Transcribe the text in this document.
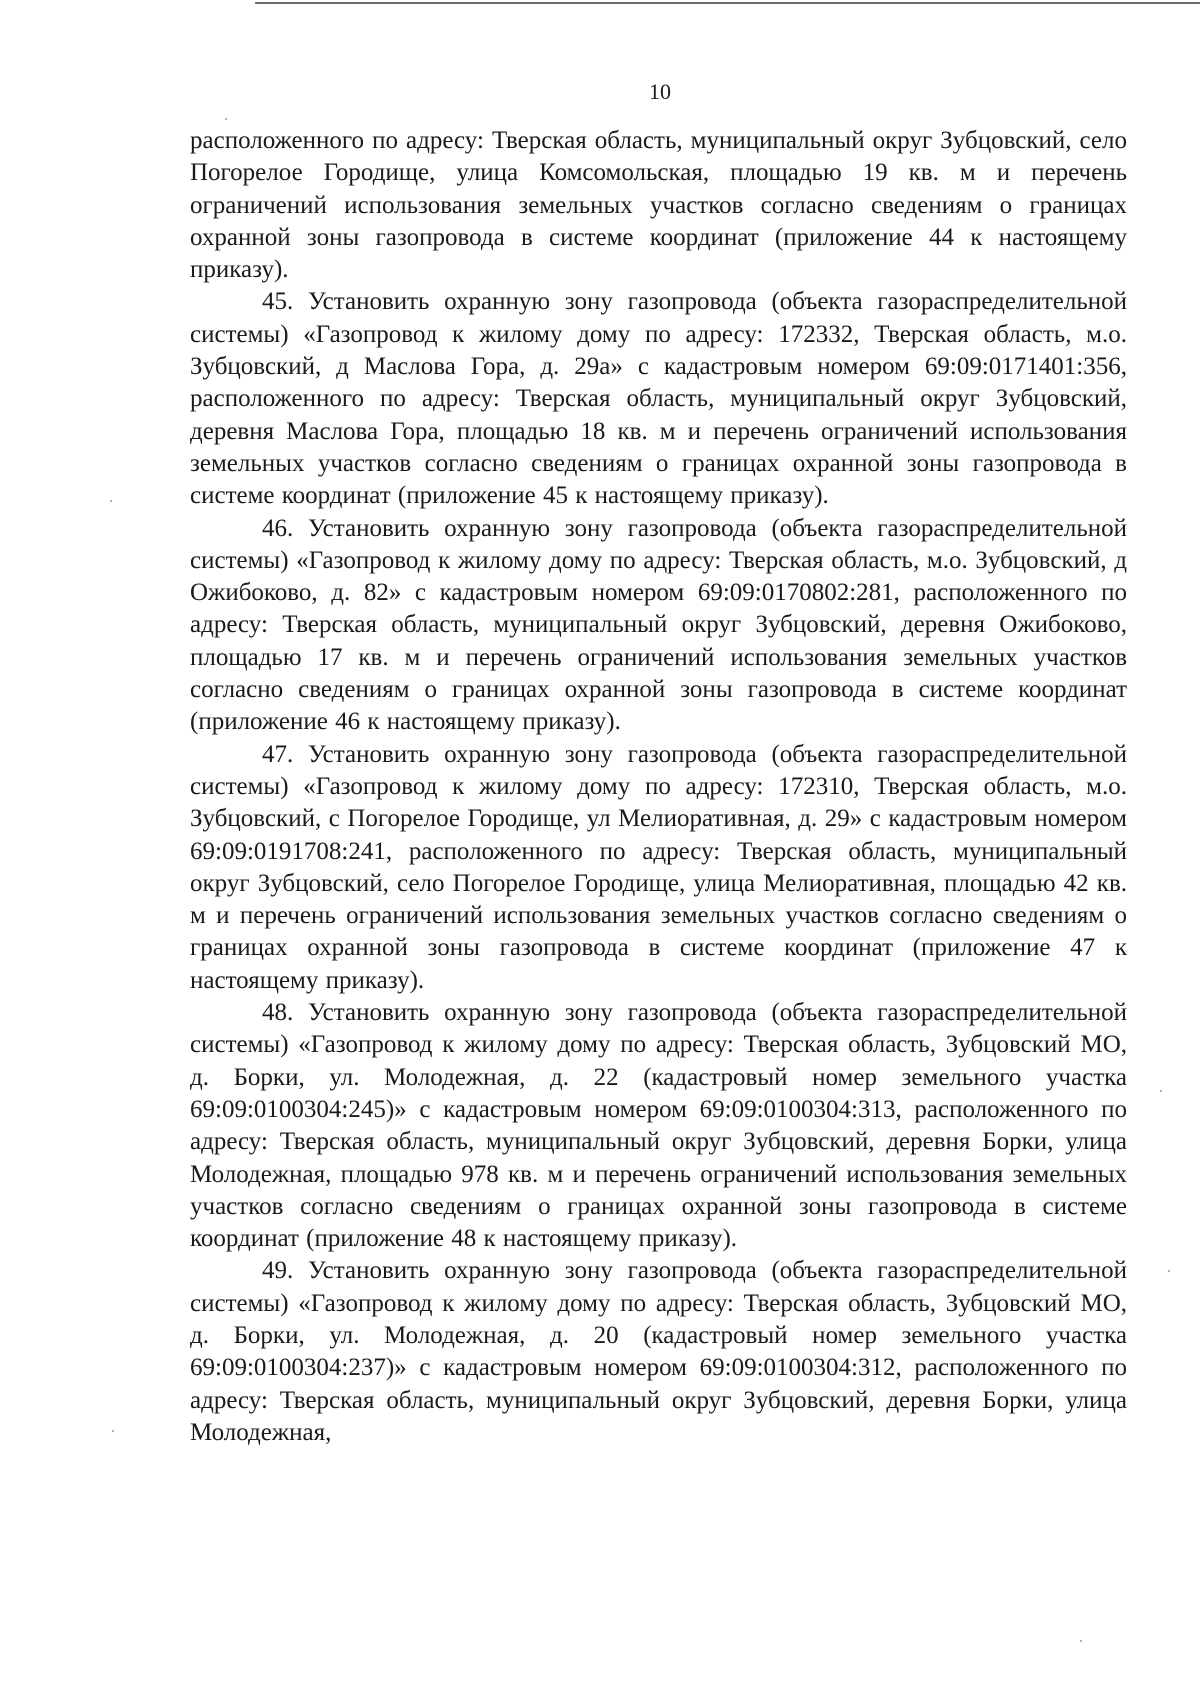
10

расположенного по адресу: Тверская область, муниципальный округ Зубцовский, село Погорелое Городище, улица Комсомольская, площадью 19 кв. м и перечень ограничений использования земельных участков согласно сведениям о границах охранной зоны газопровода в системе координат (приложение 44 к настоящему приказу).

45. Установить охранную зону газопровода (объекта газораспределительной системы) «Газопровод к жилому дому по адресу: 172332, Тверская область, м.о. Зубцовский, д Маслова Гора, д. 29а» с кадастровым номером 69:09:0171401:356, расположенного по адресу: Тверская область, муниципальный округ Зубцовский, деревня Маслова Гора, площадью 18 кв. м и перечень ограничений использования земельных участков согласно сведениям о границах охранной зоны газопровода в системе координат (приложение 45 к настоящему приказу).

46. Установить охранную зону газопровода (объекта газораспределительной системы) «Газопровод к жилому дому по адресу: Тверская область, м.о. Зубцовский, д Ожибоково, д. 82» с кадастровым номером 69:09:0170802:281, расположенного по адресу: Тверская область, муниципальный округ Зубцовский, деревня Ожибоково, площадью 17 кв. м и перечень ограничений использования земельных участков согласно сведениям о границах охранной зоны газопровода в системе координат (приложение 46 к настоящему приказу).

47. Установить охранную зону газопровода (объекта газораспределительной системы) «Газопровод к жилому дому по адресу: 172310, Тверская область, м.о. Зубцовский, с Погорелое Городище, ул Мелиоративная, д. 29» с кадастровым номером 69:09:0191708:241, расположенного по адресу: Тверская область, муниципальный округ Зубцовский, село Погорелое Городище, улица Мелиоративная, площадью 42 кв. м и перечень ограничений использования земельных участков согласно сведениям о границах охранной зоны газопровода в системе координат (приложение 47 к настоящему приказу).

48. Установить охранную зону газопровода (объекта газораспределительной системы) «Газопровод к жилому дому по адресу: Тверская область, Зубцовский МО, д. Борки, ул. Молодежная, д. 22 (кадастровый номер земельного участка 69:09:0100304:245)» с кадастровым номером 69:09:0100304:313, расположенного по адресу: Тверская область, муниципальный округ Зубцовский, деревня Борки, улица Молодежная, площадью 978 кв. м и перечень ограничений использования земельных участков согласно сведениям о границах охранной зоны газопровода в системе координат (приложение 48 к настоящему приказу).

49. Установить охранную зону газопровода (объекта газораспределительной системы) «Газопровод к жилому дому по адресу: Тверская область, Зубцовский МО, д. Борки, ул. Молодежная, д. 20 (кадастровый номер земельного участка 69:09:0100304:237)» с кадастровым номером 69:09:0100304:312, расположенного по адресу: Тверская область, муниципальный округ Зубцовский, деревня Борки, улица Молодежная,
